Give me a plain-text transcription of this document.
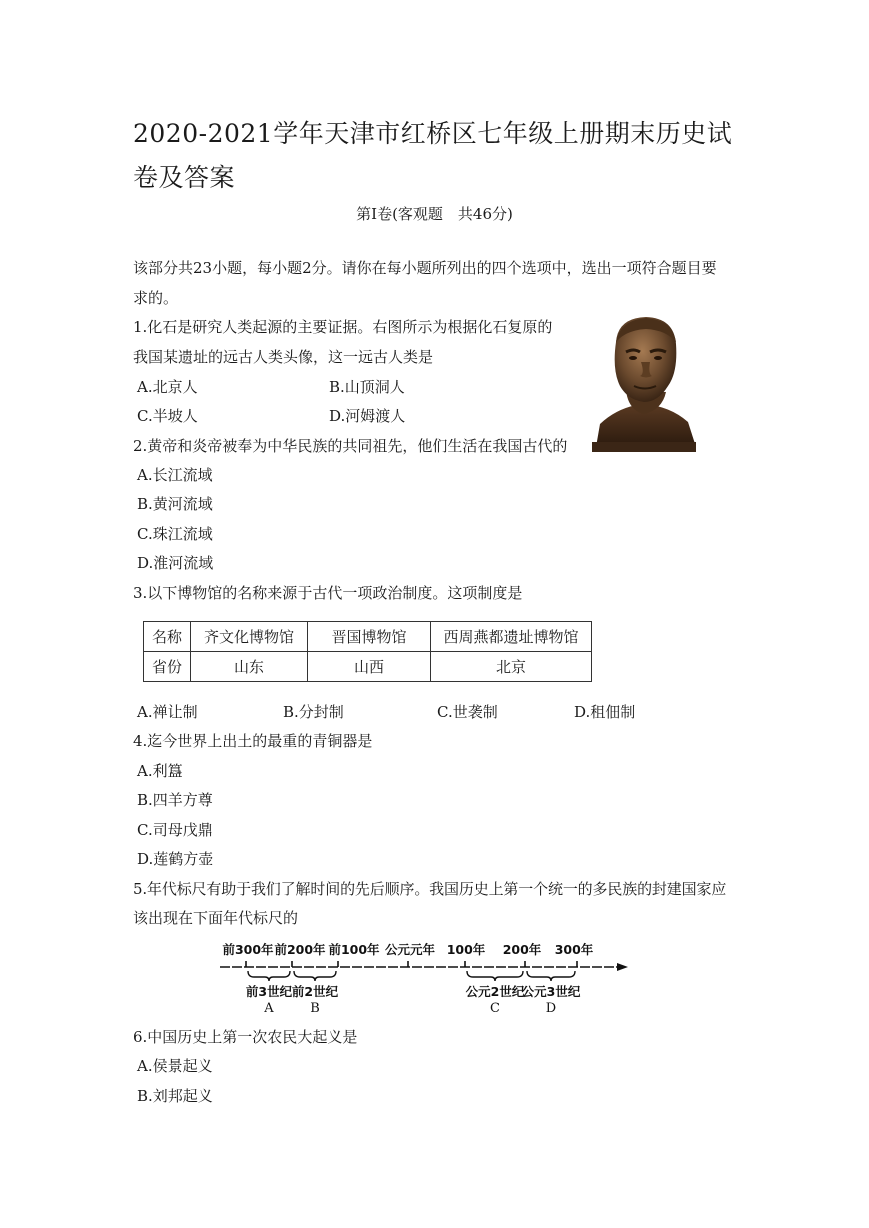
2020-2021学年天津市红桥区七年级上册期末历史试卷及答案
第Ⅰ卷(客观题　共46分)
该部分共23小题，每小题2分。请你在每小题所列出的四个选项中，选出一项符合题目要
求的。
1.化石是研究人类起源的主要证据。右图所示为根据化石复原的
我国某遗址的远古人类头像，这一远古人类是
A.北京人	B.山顶洞人
C.半坡人	D.河姆渡人
2.黄帝和炎帝被奉为中华民族的共同祖先，他们生活在我国古代的
A.长江流域
B.黄河流域
C.珠江流域
D.淮河流域
3.以下博物馆的名称来源于古代一项政治制度。这项制度是
名称	齐文化博物馆	晋国博物馆	西周燕都遗址博物馆
省份	山东	山西	北京
A.禅让制	B.分封制	C.世袭制	D.租佃制
4.迄今世界上出土的最重的青铜器是
A.利簋
B.四羊方尊
C.司母戊鼎
D.莲鹤方壶
5.年代标尺有助于我们了解时间的先后顺序。我国历史上第一个统一的多民族的封建国家应
该出现在下面年代标尺的
前300年 前200年 前100年 公元元年 100年 200年 300年
前3世纪
A
前2世纪
B
公元2世纪
C
公元3世纪
D
6.中国历史上第一次农民大起义是
A.侯景起义
B.刘邦起义
